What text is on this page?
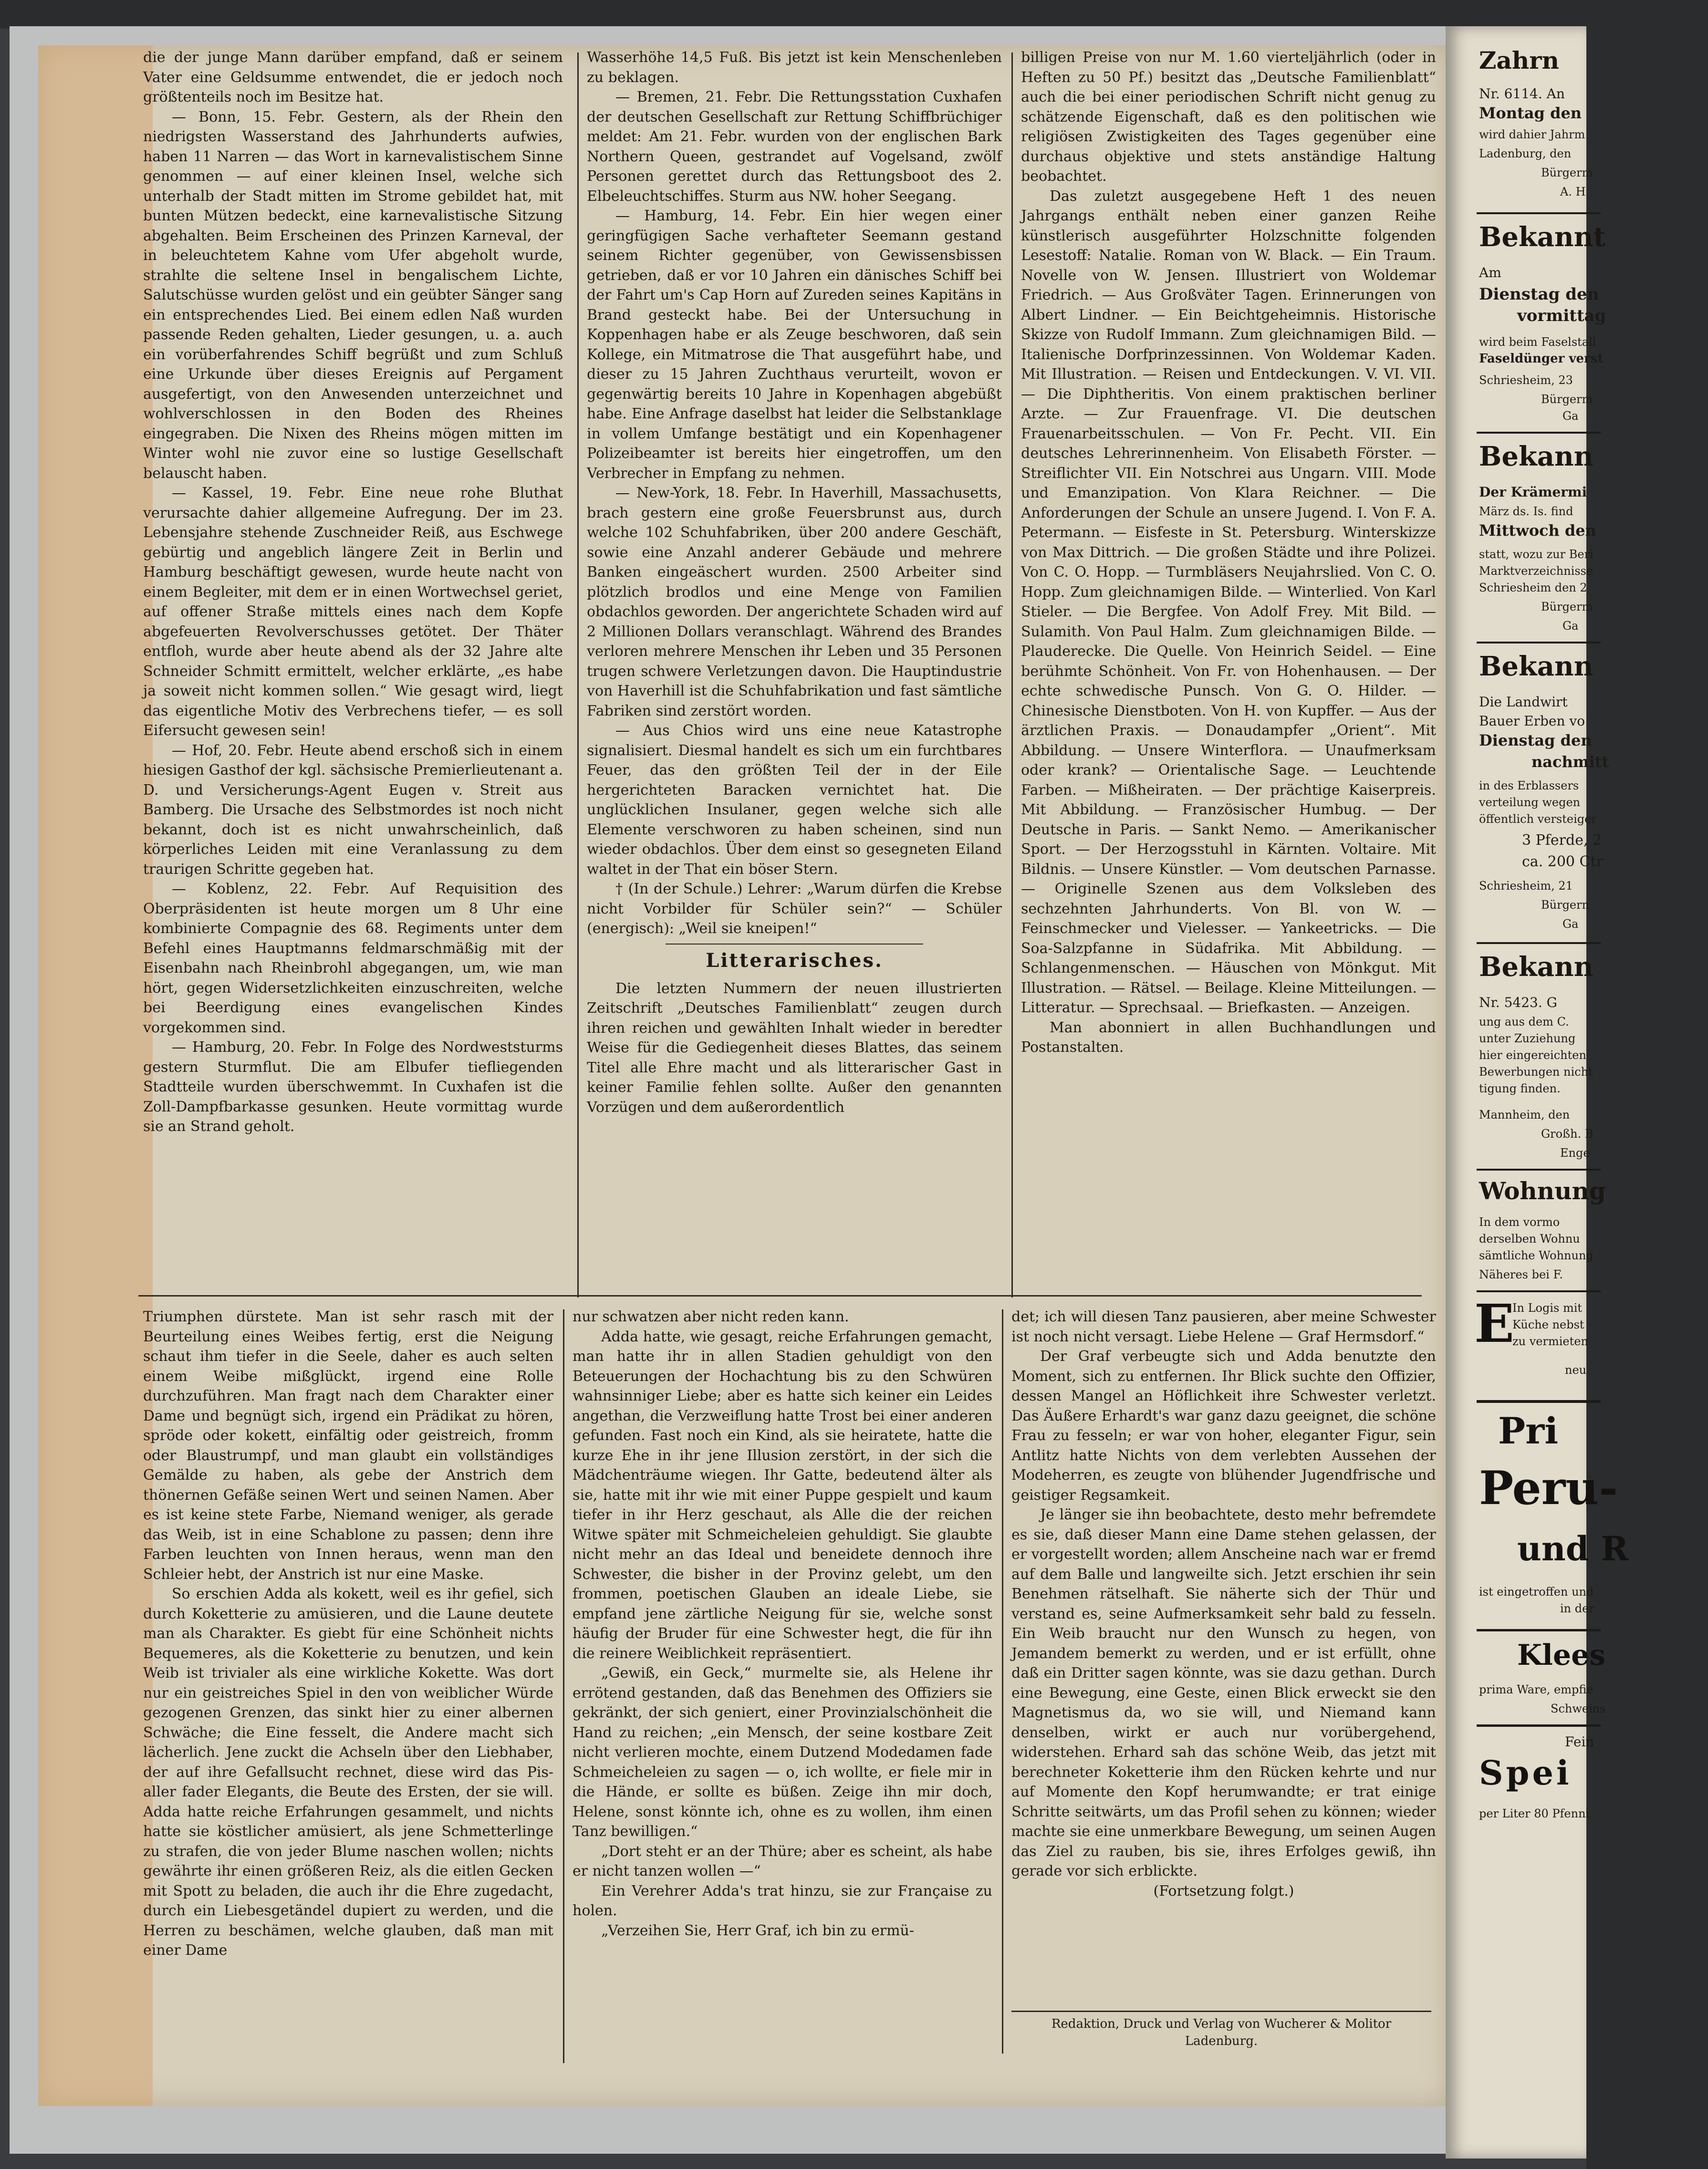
die der junge Mann darüber empfand, daß er seinem Vater eine Geldsumme entwendet, die er jedoch noch größtenteils noch im Besitze hat.

— Bonn, 15. Febr. Gestern, als der Rhein den niedrigsten Wasserstand des Jahrhunderts aufwies, haben 11 Narren — das Wort in karnevalistischem Sinne genommen — auf einer kleinen Insel, welche sich unterhalb der Stadt mitten im Strome gebildet hat, mit bunten Mützen bedeckt, eine karnevalistische Sitzung abgehalten. Beim Erscheinen des Prinzen Karneval, der in beleuchtetem Kahne vom Ufer abgeholt wurde, strahlte die seltene Insel in bengalischem Lichte, Salutschüsse wurden gelöst und ein geübter Sänger sang ein entsprechendes Lied. Bei einem edlen Naß wurden passende Reden gehalten, Lieder gesungen, u. a. auch ein vorüberfahrendes Schiff begrüßt und zum Schluß eine Urkunde über dieses Ereignis auf Pergament ausgefertigt, von den Anwesenden unterzeichnet und wohlverschlossen in den Boden des Rheines eingegraben. Die Nixen des Rheins mögen mitten im Winter wohl nie zuvor eine so lustige Gesellschaft belauscht haben.

— Kassel, 19. Febr. Eine neue rohe Bluthat verursachte dahier allgemeine Aufregung. Der im 23. Lebensjahre stehende Zuschneider Reiß, aus Eschwege gebürtig und angeblich längere Zeit in Berlin und Hamburg beschäftigt gewesen, wurde heute nacht von einem Begleiter, mit dem er in einen Wortwechsel geriet, auf offener Straße mittels eines nach dem Kopfe abgefeuerten Revolverschusses getötet. Der Thäter entfloh, wurde aber heute abend als der 32 Jahre alte Schneider Schmitt ermittelt, welcher erklärte, „es habe ja soweit nicht kommen sollen.“ Wie gesagt wird, liegt das eigentliche Motiv des Verbrechens tiefer, — es soll Eifersucht gewesen sein!

— Hof, 20. Febr. Heute abend erschoß sich in einem hiesigen Gasthof der kgl. sächsische Premierlieutenant a. D. und Versicherungs-Agent Eugen v. Streit aus Bamberg. Die Ursache des Selbstmordes ist noch nicht bekannt, doch ist es nicht unwahrscheinlich, daß körperliches Leiden mit eine Veranlassung zu dem traurigen Schritte gegeben hat.

— Koblenz, 22. Febr. Auf Requisition des Oberpräsidenten ist heute morgen um 8 Uhr eine kombinierte Compagnie des 68. Regiments unter dem Befehl eines Hauptmanns feldmarschmäßig mit der Eisenbahn nach Rheinbrohl abgegangen, um, wie man hört, gegen Widersetzlichkeiten einzuschreiten, welche bei Beerdigung eines evangelischen Kindes vorgekommen sind.

— Hamburg, 20. Febr. In Folge des Nordweststurms gestern Sturmflut. Die am Elbufer tiefliegenden Stadtteile wurden überschwemmt. In Cuxhafen ist die Zoll-Dampfbarkasse gesunken. Heute vormittag wurde sie an Strand geholt.

Wasserhöhe 14,5 Fuß. Bis jetzt ist kein Menschenleben zu beklagen.

— Bremen, 21. Febr. Die Rettungsstation Cuxhafen der deutschen Gesellschaft zur Rettung Schiffbrüchiger meldet: Am 21. Febr. wurden von der englischen Bark Northern Queen, gestrandet auf Vogelsand, zwölf Personen gerettet durch das Rettungsboot des 2. Elbeleuchtschiffes. Sturm aus NW. hoher Seegang.

— Hamburg, 14. Febr. Ein hier wegen einer geringfügigen Sache verhafteter Seemann gestand seinem Richter gegenüber, von Gewissensbissen getrieben, daß er vor 10 Jahren ein dänisches Schiff bei der Fahrt um's Cap Horn auf Zureden seines Kapitäns in Brand gesteckt habe. Bei der Untersuchung in Koppenhagen habe er als Zeuge beschworen, daß sein Kollege, ein Mitmatrose die That ausgeführt habe, und dieser zu 15 Jahren Zuchthaus verurteilt, wovon er gegenwärtig bereits 10 Jahre in Kopenhagen abgebüßt habe. Eine Anfrage daselbst hat leider die Selbstanklage in vollem Umfange bestätigt und ein Kopenhagener Polizeibeamter ist bereits hier eingetroffen, um den Verbrecher in Empfang zu nehmen.

— New-York, 18. Febr. In Haverhill, Massachusetts, brach gestern eine große Feuersbrunst aus, durch welche 102 Schuhfabriken, über 200 andere Geschäft, sowie eine Anzahl anderer Gebäude und mehrere Banken eingeäschert wurden. 2500 Arbeiter sind plötzlich brodlos und eine Menge von Familien obdachlos geworden. Der angerichtete Schaden wird auf 2 Millionen Dollars veranschlagt. Während des Brandes verloren mehrere Menschen ihr Leben und 35 Personen trugen schwere Verletzungen davon. Die Hauptindustrie von Haverhill ist die Schuhfabrikation und fast sämtliche Fabriken sind zerstört worden.

— Aus Chios wird uns eine neue Katastrophe signalisiert. Diesmal handelt es sich um ein furchtbares Feuer, das den größten Teil der in der Eile hergerichteten Baracken vernichtet hat. Die unglücklichen Insulaner, gegen welche sich alle Elemente verschworen zu haben scheinen, sind nun wieder obdachlos. Über dem einst so gesegneten Eiland waltet in der That ein böser Stern.

† (In der Schule.) Lehrer: „Warum dürfen die Krebse nicht Vorbilder für Schüler sein?“ — Schüler (energisch): „Weil sie kneipen!“

Litterarisches.

Die letzten Nummern der neuen illustrierten Zeitschrift „Deutsches Familienblatt“ zeugen durch ihren reichen und gewählten Inhalt wieder in beredter Weise für die Gediegenheit dieses Blattes, das seinem Titel alle Ehre macht und als litterarischer Gast in keiner Familie fehlen sollte. Außer den genannten Vorzügen und dem außerordentlich

billigen Preise von nur M. 1.60 vierteljährlich (oder in Heften zu 50 Pf.) besitzt das „Deutsche Familienblatt“ auch die bei einer periodischen Schrift nicht genug zu schätzende Eigenschaft, daß es den politischen wie religiösen Zwistigkeiten des Tages gegenüber eine durchaus objektive und stets anständige Haltung beobachtet.

Das zuletzt ausgegebene Heft 1 des neuen Jahrgangs enthält neben einer ganzen Reihe künstlerisch ausgeführter Holzschnitte folgenden Lesestoff: Natalie. Roman von W. Black. — Ein Traum. Novelle von W. Jensen. Illustriert von Woldemar Friedrich. — Aus Großväter Tagen. Erinnerungen von Albert Lindner. — Ein Beichtgeheimnis. Historische Skizze von Rudolf Immann. Zum gleichnamigen Bild. — Italienische Dorfprinzessinnen. Von Woldemar Kaden. Mit Illustration. — Reisen und Entdeckungen. V. VI. VII. — Die Diphtheritis. Von einem praktischen berliner Arzte. — Zur Frauenfrage. VI. Die deutschen Frauenarbeitsschulen. — Von Fr. Pecht. VII. Ein deutsches Lehrerinnenheim. Von Elisabeth Förster. — Streiflichter VII. Ein Notschrei aus Ungarn. VIII. Mode und Emanzipation. Von Klara Reichner. — Die Anforderungen der Schule an unsere Jugend. I. Von F. A. Petermann. — Eisfeste in St. Petersburg. Winterskizze von Max Dittrich. — Die großen Städte und ihre Polizei. Von C. O. Hopp. — Turmbläsers Neujahrslied. Von C. O. Hopp. Zum gleichnamigen Bilde. — Winterlied. Von Karl Stieler. — Die Bergfee. Von Adolf Frey. Mit Bild. — Sulamith. Von Paul Halm. Zum gleichnamigen Bilde. — Plauderecke. Die Quelle. Von Heinrich Seidel. — Eine berühmte Schönheit. Von Fr. von Hohenhausen. — Der echte schwedische Punsch. Von G. O. Hilder. — Chinesische Dienstboten. Von H. von Kupffer. — Aus der ärztlichen Praxis. — Donaudampfer „Orient“. Mit Abbildung. — Unsere Winterflora. — Unaufmerksam oder krank? — Orientalische Sage. — Leuchtende Farben. — Mißheiraten. — Der prächtige Kaiserpreis. Mit Abbildung. — Französischer Humbug. — Der Deutsche in Paris. — Sankt Nemo. — Amerikanischer Sport. — Der Herzogsstuhl in Kärnten. Voltaire. Mit Bildnis. — Unsere Künstler. — Vom deutschen Parnasse. — Originelle Szenen aus dem Volksleben des sechzehnten Jahrhunderts. Von Bl. von W. — Feinschmecker und Vielesser. — Yankeetricks. — Die Soa-Salzpfanne in Südafrika. Mit Abbildung. — Schlangenmenschen. — Häuschen von Mönkgut. Mit Illustration. — Rätsel. — Beilage. Kleine Mitteilungen. — Litteratur. — Sprechsaal. — Briefkasten. — Anzeigen.

Man abonniert in allen Buchhandlungen und Postanstalten.

Triumphen dürstete. Man ist sehr rasch mit der Beurteilung eines Weibes fertig, erst die Neigung schaut ihm tiefer in die Seele, daher es auch selten einem Weibe mißglückt, irgend eine Rolle durchzuführen. Man fragt nach dem Charakter einer Dame und begnügt sich, irgend ein Prädikat zu hören, spröde oder kokett, einfältig oder geistreich, fromm oder Blaustrumpf, und man glaubt ein vollständiges Gemälde zu haben, als gebe der Anstrich dem thönernen Gefäße seinen Wert und seinen Namen. Aber es ist keine stete Farbe, Niemand weniger, als gerade das Weib, ist in eine Schablone zu passen; denn ihre Farben leuchten von Innen heraus, wenn man den Schleier hebt, der Anstrich ist nur eine Maske.

So erschien Adda als kokett, weil es ihr gefiel, sich durch Koketterie zu amüsieren, und die Laune deutete man als Charakter. Es giebt für eine Schönheit nichts Bequemeres, als die Koketterie zu benutzen, und kein Weib ist trivialer als eine wirkliche Kokette. Was dort nur ein geistreiches Spiel in den von weiblicher Würde gezogenen Grenzen, das sinkt hier zu einer albernen Schwäche; die Eine fesselt, die Andere macht sich lächerlich. Jene zuckt die Achseln über den Liebhaber, der auf ihre Gefallsucht rechnet, diese wird das Pis-aller fader Elegants, die Beute des Ersten, der sie will. Adda hatte reiche Erfahrungen gesammelt, und nichts hatte sie köstlicher amüsiert, als jene Schmetterlinge zu strafen, die von jeder Blume naschen wollen; nichts gewährte ihr einen größeren Reiz, als die eitlen Gecken mit Spott zu beladen, die auch ihr die Ehre zugedacht, durch ein Liebesgetändel dupiert zu werden, und die Herren zu beschämen, welche glauben, daß man mit einer Dame

nur schwatzen aber nicht reden kann.

Adda hatte, wie gesagt, reiche Erfahrungen gemacht, man hatte ihr in allen Stadien gehuldigt von den Beteuerungen der Hochachtung bis zu den Schwüren wahnsinniger Liebe; aber es hatte sich keiner ein Leides angethan, die Verzweiflung hatte Trost bei einer anderen gefunden. Fast noch ein Kind, als sie heiratete, hatte die kurze Ehe in ihr jene Illusion zerstört, in der sich die Mädchenträume wiegen. Ihr Gatte, bedeutend älter als sie, hatte mit ihr wie mit einer Puppe gespielt und kaum tiefer in ihr Herz geschaut, als Alle die der reichen Witwe später mit Schmeicheleien gehuldigt. Sie glaubte nicht mehr an das Ideal und beneidete dennoch ihre Schwester, die bisher in der Provinz gelebt, um den frommen, poetischen Glauben an ideale Liebe, sie empfand jene zärtliche Neigung für sie, welche sonst häufig der Bruder für eine Schwester hegt, die für ihn die reinere Weiblichkeit repräsentiert.

„Gewiß, ein Geck,“ murmelte sie, als Helene ihr errötend gestanden, daß das Benehmen des Offiziers sie gekränkt, der sich geniert, einer Provinzialschönheit die Hand zu reichen; „ein Mensch, der seine kostbare Zeit nicht verlieren mochte, einem Dutzend Modedamen fade Schmeicheleien zu sagen — o, ich wollte, er fiele mir in die Hände, er sollte es büßen. Zeige ihn mir doch, Helene, sonst könnte ich, ohne es zu wollen, ihm einen Tanz bewilligen.“

„Dort steht er an der Thüre; aber es scheint, als habe er nicht tanzen wollen —“

Ein Verehrer Adda's trat hinzu, sie zur Française zu holen.

„Verzeihen Sie, Herr Graf, ich bin zu ermü-

det; ich will diesen Tanz pausieren, aber meine Schwester ist noch nicht versagt. Liebe Helene — Graf Hermsdorf.“

Der Graf verbeugte sich und Adda benutzte den Moment, sich zu entfernen. Ihr Blick suchte den Offizier, dessen Mangel an Höflichkeit ihre Schwester verletzt. Das Äußere Erhardt's war ganz dazu geeignet, die schöne Frau zu fesseln; er war von hoher, eleganter Figur, sein Antlitz hatte Nichts von dem verlebten Aussehen der Modeherren, es zeugte von blühender Jugendfrische und geistiger Regsamkeit.

Je länger sie ihn beobachtete, desto mehr befremdete es sie, daß dieser Mann eine Dame stehen gelassen, der er vorgestellt worden; allem Anscheine nach war er fremd auf dem Balle und langweilte sich. Jetzt erschien ihr sein Benehmen rätselhaft. Sie näherte sich der Thür und verstand es, seine Aufmerksamkeit sehr bald zu fesseln. Ein Weib braucht nur den Wunsch zu hegen, von Jemandem bemerkt zu werden, und er ist erfüllt, ohne daß ein Dritter sagen könnte, was sie dazu gethan. Durch eine Bewegung, eine Geste, einen Blick erweckt sie den Magnetismus da, wo sie will, und Niemand kann denselben, wirkt er auch nur vorübergehend, widerstehen. Erhard sah das schöne Weib, das jetzt mit berechneter Koketterie ihm den Rücken kehrte und nur auf Momente den Kopf herumwandte; er trat einige Schritte seitwärts, um das Profil sehen zu können; wieder machte sie eine unmerkbare Bewegung, um seinen Augen das Ziel zu rauben, bis sie, ihres Erfolges gewiß, ihn gerade vor sich erblickte.

(Fortsetzung folgt.)

Redaktion, Druck und Verlag von Wucherer & Molitor
Ladenburg.
Zahrn
Nr. 6114. An
Montag den
wird dahier Jahrm
Ladenburg, den
Bürgerm
A. H
Bekannt
Am
Dienstag den
vormittag
wird beim Faselstall
Faseldünger verst
Schriesheim, 23
Bürgerm
Ga
Bekann
Der Krämermi
März ds. Is. find
Mittwoch den
statt, wozu zur Beri
Marktverzeichnisse
Schriesheim den 2
Bürgerm
Ga
Bekann
Die Landwirt
Bauer Erben vo
Dienstag den
nachmitt
in des Erblassers
verteilung wegen
öffentlich versteiger
3 Pferde, 2
ca. 200 Ctr
Schriesheim, 21
Bürgern
Ga
Bekann
Nr. 5423. G
ung aus dem C.
unter Zuziehung
hier eingereichten
Bewerbungen nicht
tigung finden.
Mannheim, den
Großh. B
Enge
Wohnung
In dem vormo
derselben Wohnu
sämtliche Wohnung
Näheres bei F.
E
In Logis mit
Küche nebst
zu vermieten
neu
Pri
Peru-
und R
ist eingetroffen und
in der
Klees
prima Ware, empfie
Schweins
Fein
Spei
per Liter 80 Pfenni
